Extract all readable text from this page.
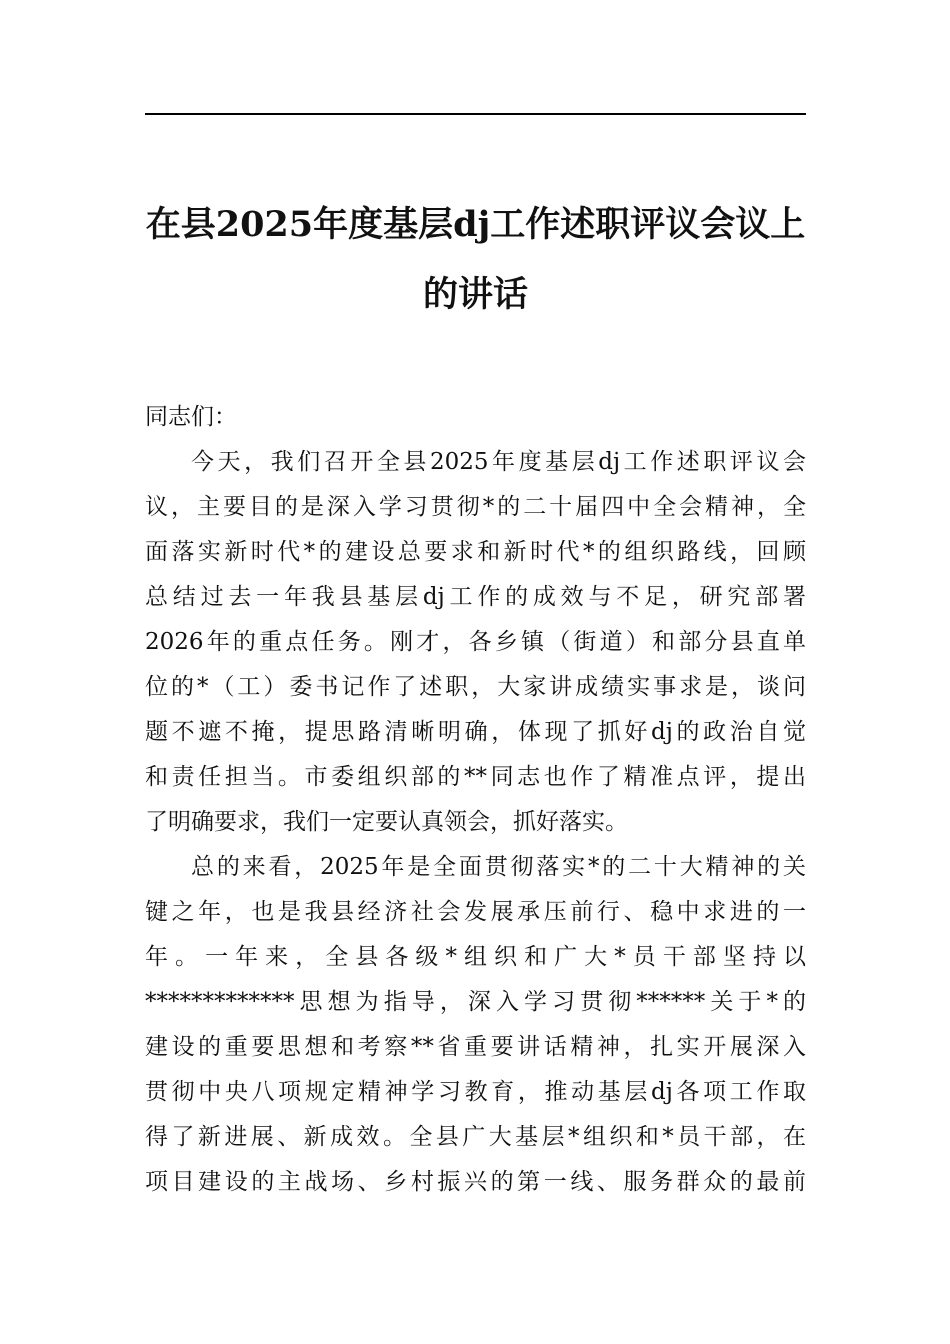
在县2025年度基层dj工作述职评议会议上
的讲话
同志们：
今天，我们召开全县2025年度基层dj工作述职评议会
议，主要目的是深入学习贯彻*的二十届四中全会精神，全
面落实新时代*的建设总要求和新时代*的组织路线，回顾
总结过去一年我县基层dj工作的成效与不足，研究部署
2026年的重点任务。刚才，各乡镇（街道）和部分县直单
位的*（工）委书记作了述职，大家讲成绩实事求是，谈问
题不遮不掩，提思路清晰明确，体现了抓好dj的政治自觉
和责任担当。市委组织部的**同志也作了精准点评，提出
了明确要求，我们一定要认真领会，抓好落实。
总的来看，2025年是全面贯彻落实*的二十大精神的关
键之年，也是我县经济社会发展承压前行、稳中求进的一
年。一年来，全县各级*组织和广大*员干部坚持以
*************思想为指导，深入学习贯彻******关于*的
建设的重要思想和考察**省重要讲话精神，扎实开展深入
贯彻中央八项规定精神学习教育，推动基层dj各项工作取
得了新进展、新成效。全县广大基层*组织和*员干部，在
项目建设的主战场、乡村振兴的第一线、服务群众的最前
